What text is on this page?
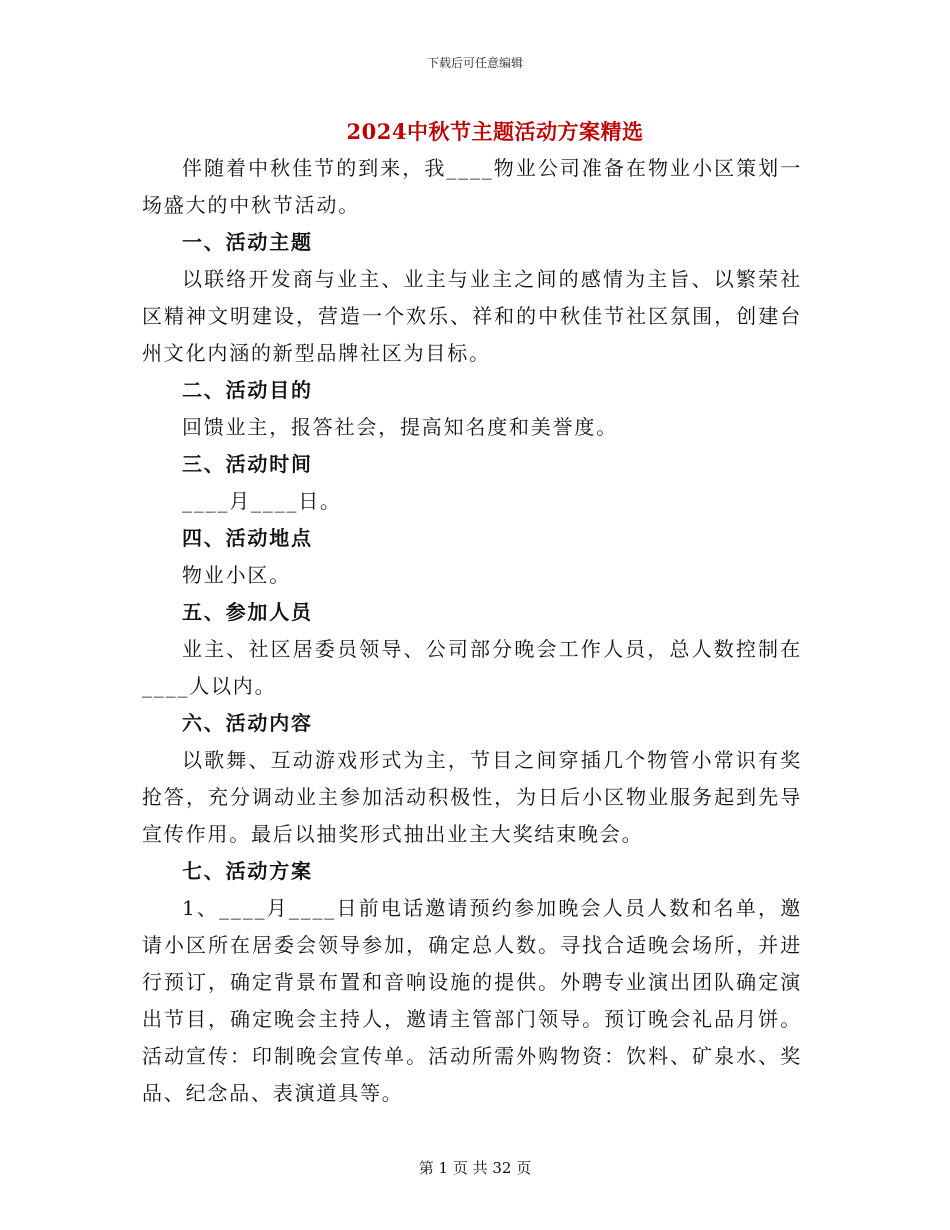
下载后可任意编辑
2024中秋节主题活动方案精选

伴随着中秋佳节的到来，我____物业公司准备在物业小区策划一场盛大的中秋节活动。

一、活动主题

以联络开发商与业主、业主与业主之间的感情为主旨、以繁荣社区精神文明建设，营造一个欢乐、祥和的中秋佳节社区氛围，创建台州文化内涵的新型品牌社区为目标。

二、活动目的

回馈业主，报答社会，提高知名度和美誉度。

三、活动时间

____月____日。

四、活动地点

物业小区。

五、参加人员

业主、社区居委员领导、公司部分晚会工作人员，总人数控制在____人以内。

六、活动内容

以歌舞、互动游戏形式为主，节目之间穿插几个物管小常识有奖抢答，充分调动业主参加活动积极性，为日后小区物业服务起到先导宣传作用。最后以抽奖形式抽出业主大奖结束晚会。

七、活动方案

1、____月____日前电话邀请预约参加晚会人员人数和名单，邀请小区所在居委会领导参加，确定总人数。寻找合适晚会场所，并进行预订，确定背景布置和音响设施的提供。外聘专业演出团队确定演出节目，确定晚会主持人，邀请主管部门领导。预订晚会礼品月饼。活动宣传：印制晚会宣传单。活动所需外购物资：饮料、矿泉水、奖品、纪念品、表演道具等。

第 1 页 共 32 页
